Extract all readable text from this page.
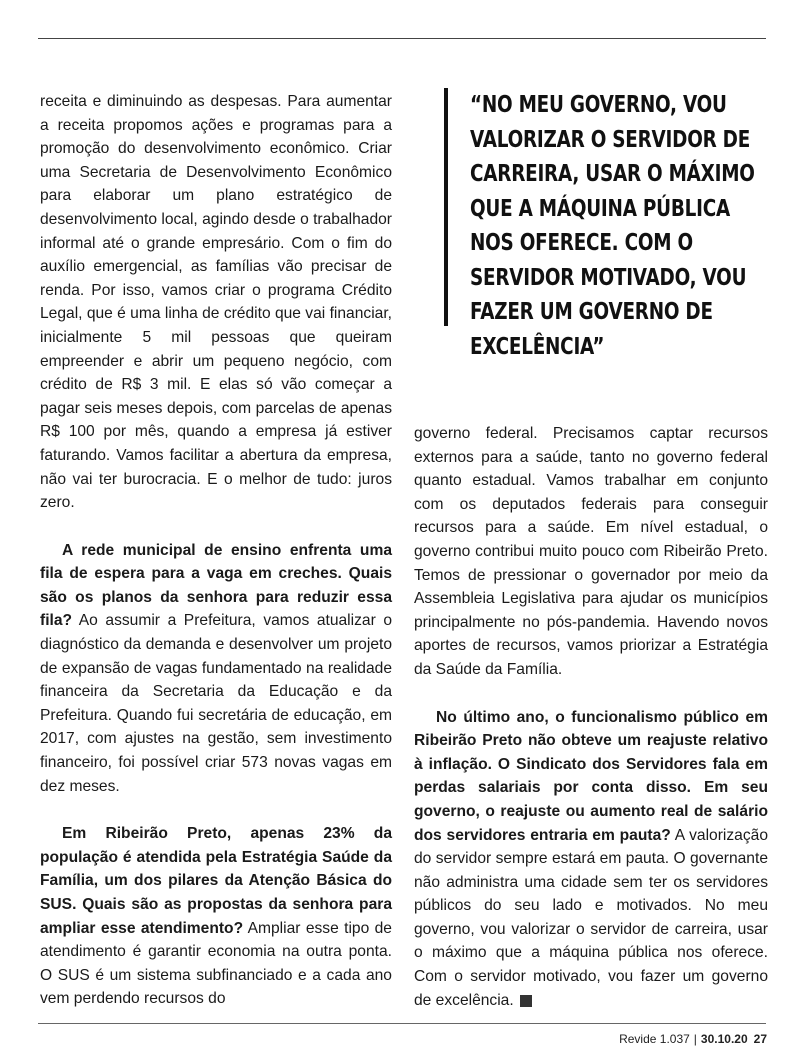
receita e diminuindo as despesas. Para aumentar a receita propomos ações e programas para a promoção do desenvolvimento econômico. Criar uma Secretaria de Desenvolvimento Econômico para elaborar um plano estratégico de desenvolvimento local, agindo desde o trabalhador informal até o grande empresário. Com o fim do auxílio emergencial, as famílias vão precisar de renda. Por isso, vamos criar o programa Crédito Legal, que é uma linha de crédito que vai financiar, inicialmente 5 mil pessoas que queiram empreender e abrir um pequeno negócio, com crédito de R$ 3 mil. E elas só vão começar a pagar seis meses depois, com parcelas de apenas R$ 100 por mês, quando a empresa já estiver faturando. Vamos facilitar a abertura da empresa, não vai ter burocracia. E o melhor de tudo: juros zero.

A rede municipal de ensino enfrenta uma fila de espera para a vaga em creches. Quais são os planos da senhora para reduzir essa fila? Ao assumir a Prefeitura, vamos atualizar o diagnóstico da demanda e desenvolver um projeto de expansão de vagas fundamentado na realidade financeira da Secretaria da Educação e da Prefeitura. Quando fui secretária de educação, em 2017, com ajustes na gestão, sem investimento financeiro, foi possível criar 573 novas vagas em dez meses.

Em Ribeirão Preto, apenas 23% da população é atendida pela Estratégia Saúde da Família, um dos pilares da Atenção Básica do SUS. Quais são as propostas da senhora para ampliar esse atendimento? Ampliar esse tipo de atendimento é garantir economia na outra ponta. O SUS é um sistema subfinanciado e a cada ano vem perdendo recursos do

“NO MEU GOVERNO, VOU VALORIZAR O SERVIDOR DE CARREIRA, USAR O MÁXIMO QUE A MÁQUINA PÚBLICA NOS OFERECE. COM O SERVIDOR MOTIVADO, VOU FAZER UM GOVERNO DE EXCELÊNCIA”

governo federal. Precisamos captar recursos externos para a saúde, tanto no governo federal quanto estadual. Vamos trabalhar em conjunto com os deputados federais para conseguir recursos para a saúde. Em nível estadual, o governo contribui muito pouco com Ribeirão Preto. Temos de pressionar o governador por meio da Assembleia Legislativa para ajudar os municípios principalmente no pós-pandemia. Havendo novos aportes de recursos, vamos priorizar a Estratégia da Saúde da Família.

No último ano, o funcionalismo público em Ribeirão Preto não obteve um reajuste relativo à inflação. O Sindicato dos Servidores fala em perdas salariais por conta disso. Em seu governo, o reajuste ou aumento real de salário dos servidores entraria em pauta? A valorização do servidor sempre estará em pauta. O governante não administra uma cidade sem ter os servidores públicos do seu lado e motivados. No meu governo, vou valorizar o servidor de carreira, usar o máximo que a máquina pública nos oferece. Com o servidor motivado, vou fazer um governo de excelência.	R

Revide 1.037 | 30.10.20 27
